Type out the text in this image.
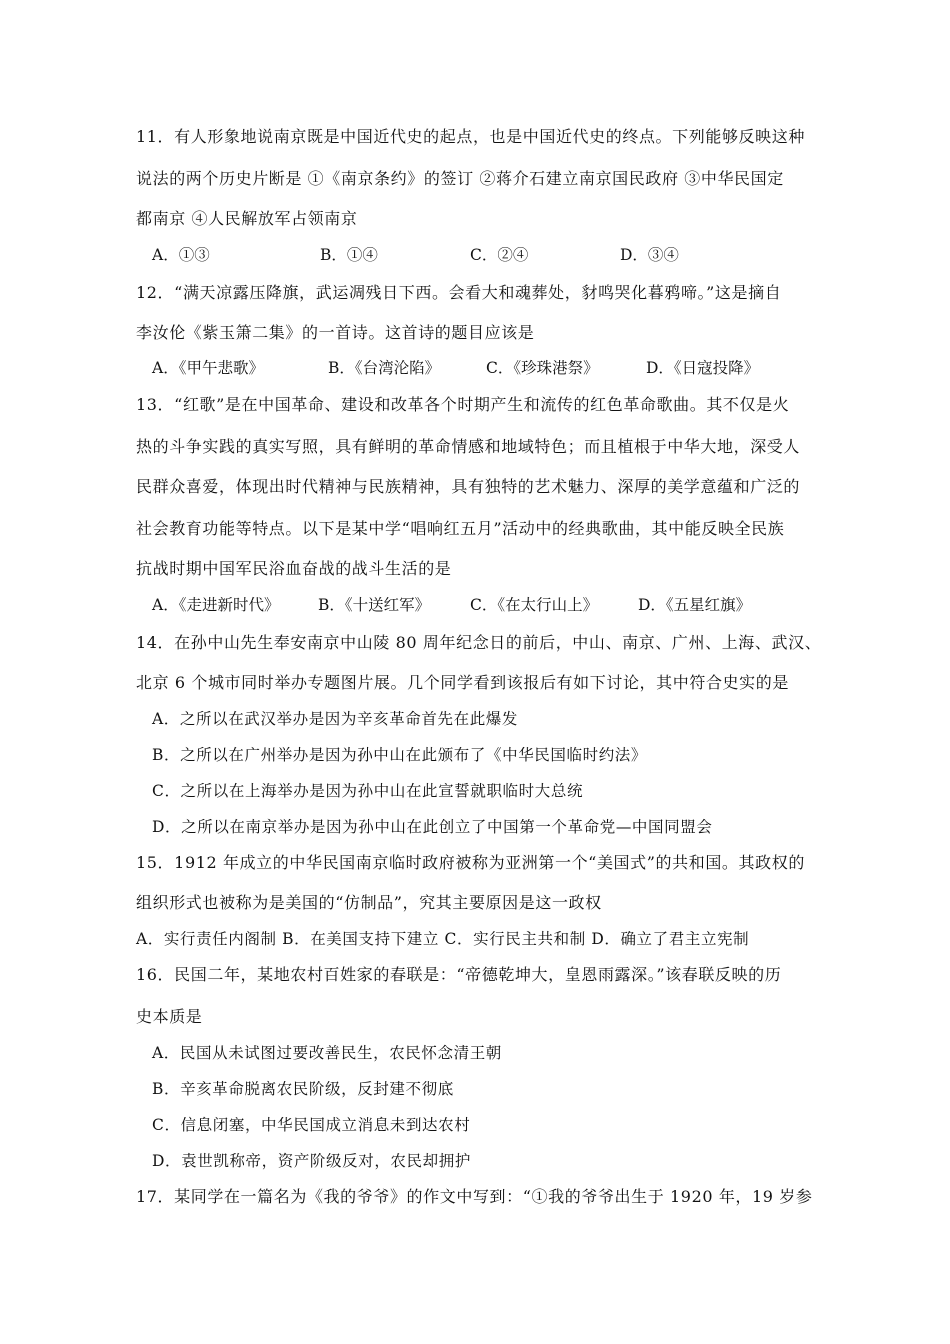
11．有人形象地说南京既是中国近代史的起点，也是中国近代史的终点。下列能够反映这种
说法的两个历史片断是 ①《南京条约》的签订 ②蒋介石建立南京国民政府 ③中华民国定
都南京 ④人民解放军占领南京
A．①③	B．①④	C．②④	D．③④
12．“满天凉露压降旗，武运凋残日下西。会看大和魂葬处，豺鸣哭化暮鸦啼。”这是摘自
李汝伦《紫玉箫二集》的一首诗。这首诗的题目应该是
A．《甲午悲歌》	B．《台湾沦陷》	C．《珍珠港祭》	D．《日寇投降》
13．“红歌”是在中国革命、建设和改革各个时期产生和流传的红色革命歌曲。其不仅是火
热的斗争实践的真实写照，具有鲜明的革命情感和地域特色；而且植根于中华大地，深受人
民群众喜爱，体现出时代精神与民族精神，具有独特的艺术魅力、深厚的美学意蕴和广泛的
社会教育功能等特点。以下是某中学“唱响红五月”活动中的经典歌曲，其中能反映全民族
抗战时期中国军民浴血奋战的战斗生活的是
A．《走进新时代》 B．《十送红军》	C．《在太行山上》	D．《五星红旗》
14．在孙中山先生奉安南京中山陵 80 周年纪念日的前后，中山、南京、广州、上海、武汉、
北京 6 个城市同时举办专题图片展。几个同学看到该报后有如下讨论，其中符合史实的是
A．之所以在武汉举办是因为辛亥革命首先在此爆发
B．之所以在广州举办是因为孙中山在此颁布了《中华民国临时约法》
C．之所以在上海举办是因为孙中山在此宣誓就职临时大总统
D．之所以在南京举办是因为孙中山在此创立了中国第一个革命党—中国同盟会
15．1912 年成立的中华民国南京临时政府被称为亚洲第一个“美国式”的共和国。其政权的
组织形式也被称为是美国的“仿制品”，究其主要原因是这一政权
A．实行责任内阁制 B．在美国支持下建立 C．实行民主共和制 D．确立了君主立宪制
16．民国二年，某地农村百姓家的春联是：“帝德乾坤大，皇恩雨露深。”该春联反映的历
史本质是
A．民国从未试图过要改善民生，农民怀念清王朝
B．辛亥革命脱离农民阶级，反封建不彻底
C．信息闭塞，中华民国成立消息未到达农村
D．袁世凯称帝，资产阶级反对，农民却拥护
17．某同学在一篇名为《我的爷爷》的作文中写到：“①我的爷爷出生于 1920 年，19 岁参
